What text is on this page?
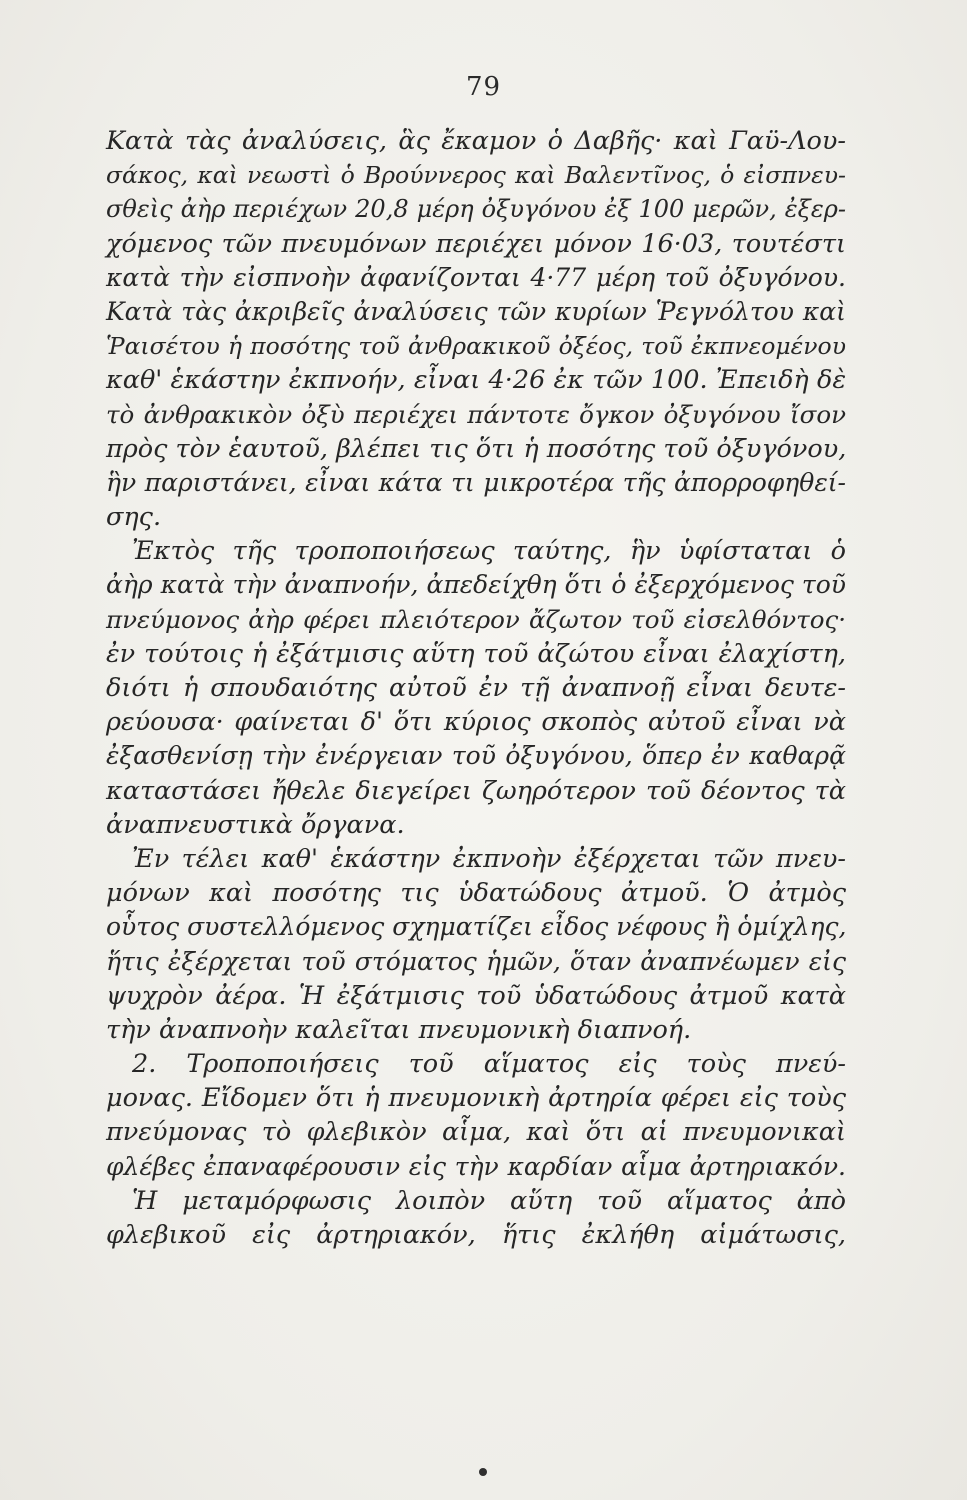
79
Κατὰ τὰς ἀναλύσεις, ἃς ἔκαμον ὁ Δαβῆς· καὶ Γαϋ-Λου-
σάκος, καὶ νεωστὶ ὁ Βρούννερος καὶ Βαλεντῖνος, ὁ εἰσπνευ-
σθεὶς ἀὴρ περιέχων 20,8 μέρη ὀξυγόνου ἐξ 100 μερῶν, ἐξερ-
χόμενος τῶν πνευμόνων περιέχει μόνον 16·03, τουτέστι
κατὰ τὴν εἰσπνοὴν ἀφανίζονται 4·77 μέρη τοῦ ὀξυγόνου.
Κατὰ τὰς ἀκριβεῖς ἀναλύσεις τῶν κυρίων Ῥεγνόλτου καὶ
Ῥαισέτου ἡ ποσότης τοῦ ἀνθρακικοῦ ὀξέος, τοῦ ἐκπνεομένου
καθ' ἑκάστην ἐκπνοήν, εἶναι 4·26 ἐκ τῶν 100. Ἐπειδὴ δὲ
τὸ ἀνθρακικὸν ὀξὺ περιέχει πάντοτε ὄγκον ὀξυγόνου ἴσον
πρὸς τὸν ἑαυτοῦ, βλέπει τις ὅτι ἡ ποσότης τοῦ ὀξυγόνου,
ἣν παριστάνει, εἶναι κάτα τι μικροτέρα τῆς ἀπορροφηθεί-
σης.
Ἐκτὸς τῆς τροποποιήσεως ταύτης, ἣν ὑφίσταται ὁ
ἀὴρ κατὰ τὴν ἀναπνοήν, ἀπεδείχθη ὅτι ὁ ἐξερχόμενος τοῦ
πνεύμονος ἀὴρ φέρει πλειότερον ἄζωτον τοῦ εἰσελθόντος·
ἐν τούτοις ἡ ἐξάτμισις αὕτη τοῦ ἀζώτου εἶναι ἐλαχίστη,
διότι ἡ σπουδαιότης αὐτοῦ ἐν τῇ ἀναπνοῇ εἶναι δευτε-
ρεύουσα· φαίνεται δ' ὅτι κύριος σκοπὸς αὐτοῦ εἶναι νὰ
ἐξασθενίσῃ τὴν ἐνέργειαν τοῦ ὀξυγόνου, ὅπερ ἐν καθαρᾷ
καταστάσει ἤθελε διεγείρει ζωηρότερον τοῦ δέοντος τὰ
ἀναπνευστικὰ ὄργανα.
Ἐν τέλει καθ' ἑκάστην ἐκπνοὴν ἐξέρχεται τῶν πνευ-
μόνων καὶ ποσότης τις ὑδατώδους ἀτμοῦ. Ὁ ἀτμὸς
οὗτος συστελλόμενος σχηματίζει εἶδος νέφους ἢ ὁμίχλης,
ἥτις ἐξέρχεται τοῦ στόματος ἡμῶν, ὅταν ἀναπνέωμεν εἰς
ψυχρὸν ἀέρα. Ἡ ἐξάτμισις τοῦ ὑδατώδους ἀτμοῦ κατὰ
τὴν ἀναπνοὴν καλεῖται πνευμονικὴ διαπνοή.
2. Τροποποιήσεις τοῦ αἵματος εἰς τοὺς πνεύ-
μονας. Εἴδομεν ὅτι ἡ πνευμονικὴ ἀρτηρία φέρει εἰς τοὺς
πνεύμονας τὸ φλεβικὸν αἷμα, καὶ ὅτι αἱ πνευμονικαὶ
φλέβες ἐπαναφέρουσιν εἰς τὴν καρδίαν αἷμα ἀρτηριακόν.
Ἡ μεταμόρφωσις λοιπὸν αὕτη τοῦ αἵματος ἀπὸ
φλεβικοῦ εἰς ἀρτηριακόν, ἥτις ἐκλήθη αἱμάτωσις,
